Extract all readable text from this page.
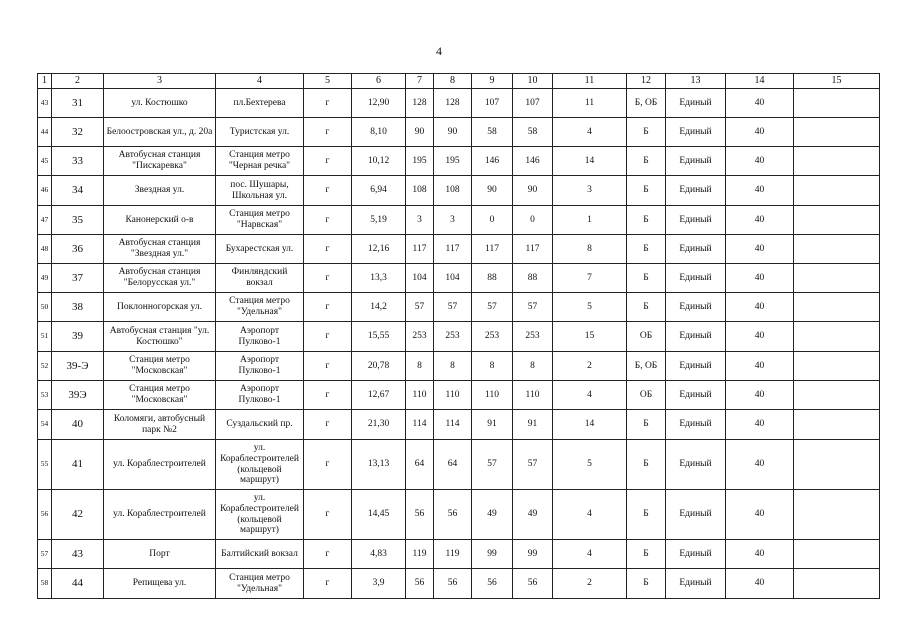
4
1	2	3	4	5	6	7	8	9	10	11	12	13	14	15
43	31	ул. Костюшко	пл.Бехтерева	г	12,90	128	128	107	107	11	Б, ОБ	Единый	40	
44	32	Белоостровская ул., д. 20а	Туристская ул.	г	8,10	90	90	58	58	4	Б	Единый	40	
45	33	Автобусная станция "Пискаревка"	Станция метро "Черная речка"	г	10,12	195	195	146	146	14	Б	Единый	40	
46	34	Звездная ул.	пос. Шушары, Школьная ул.	г	6,94	108	108	90	90	3	Б	Единый	40	
47	35	Канонерский о-в	Станция метро "Нарвская"	г	5,19	3	3	0	0	1	Б	Единый	40	
48	36	Автобусная станция "Звездная ул."	Бухарестская ул.	г	12,16	117	117	117	117	8	Б	Единый	40	
49	37	Автобусная станция "Белорусская ул."	Финляндский вокзал	г	13,3	104	104	88	88	7	Б	Единый	40	
50	38	Поклонногорская ул.	Станция метро "Удельная"	г	14,2	57	57	57	57	5	Б	Единый	40	
51	39	Автобусная станция "ул. Костюшко"	Аэропорт Пулково-1	г	15,55	253	253	253	253	15	ОБ	Единый	40	
52	39-Э	Станция метро "Московская"	Аэропорт Пулково-1	г	20,78	8	8	8	8	2	Б, ОБ	Единый	40	
53	39Э	Станция метро "Московская"	Аэропорт Пулково-1	г	12,67	110	110	110	110	4	ОБ	Единый	40	
54	40	Коломяги, автобусный парк №2	Суздальский пр.	г	21,30	114	114	91	91	14	Б	Единый	40	
55	41	ул. Кораблестроителей	ул. Кораблестроителей (кольцевой маршрут)	г	13,13	64	64	57	57	5	Б	Единый	40	
56	42	ул. Кораблестроителей	ул. Кораблестроителей (кольцевой маршрут)	г	14,45	56	56	49	49	4	Б	Единый	40	
57	43	Порт	Балтийский вокзал	г	4,83	119	119	99	99	4	Б	Единый	40	
58	44	Репищева ул.	Станция метро "Удельная"	г	3,9	56	56	56	56	2	Б	Единый	40	
